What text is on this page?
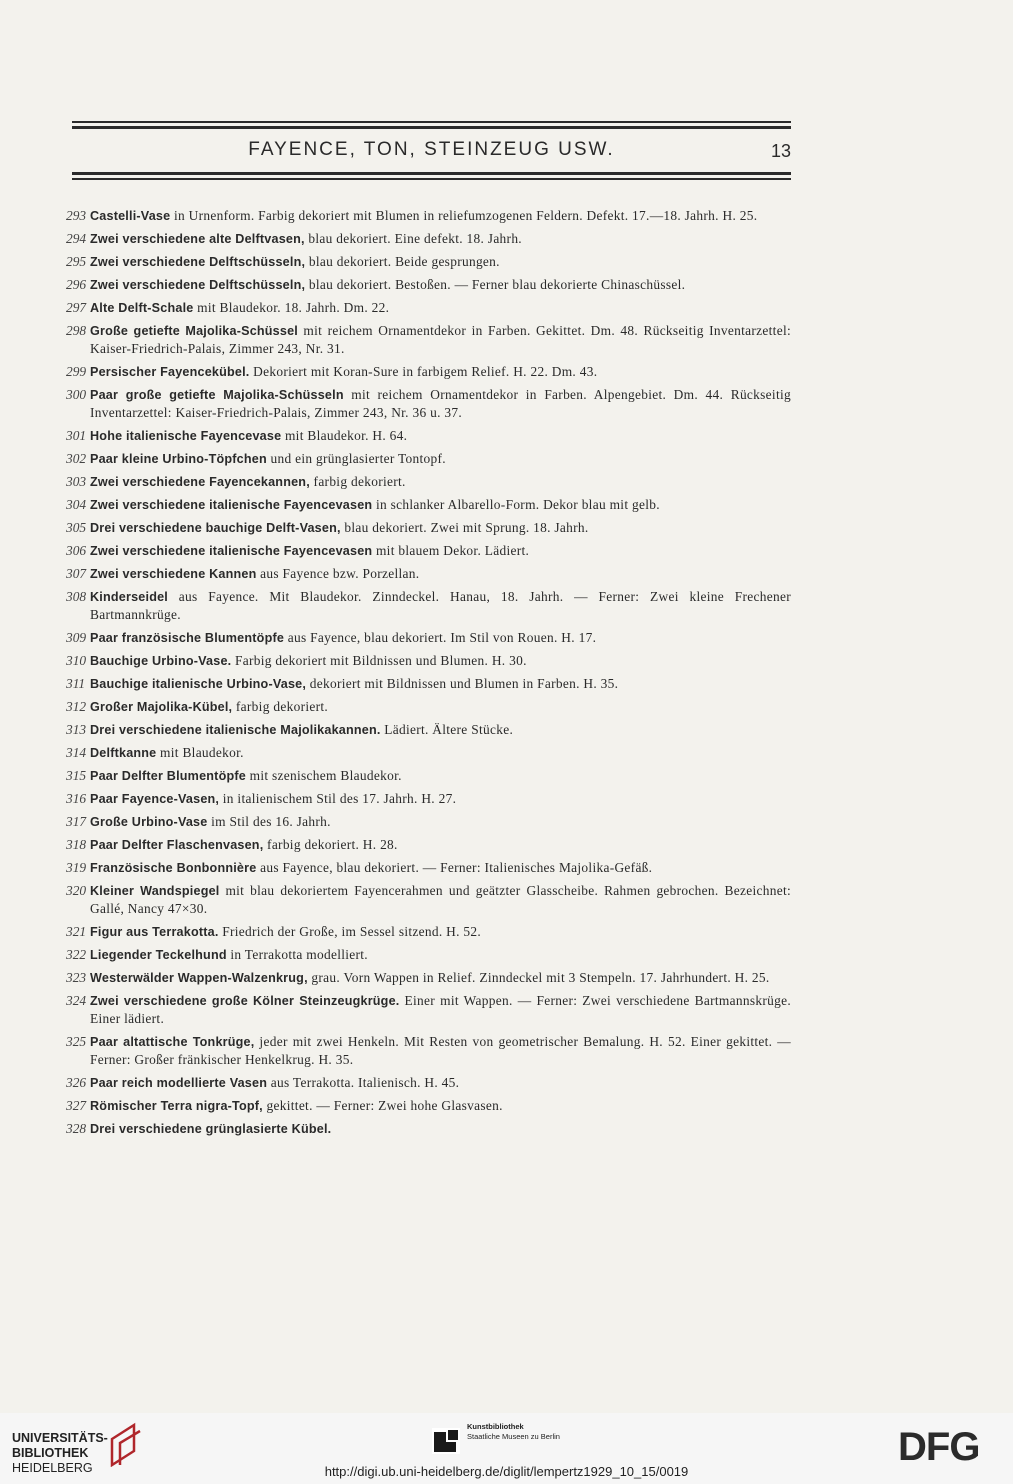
FAYENCE, TON, STEINZEUG USW.	13
293 Castelli-Vase in Urnenform. Farbig dekoriert mit Blumen in reliefumzogenen Feldern. Defekt. 17.—18. Jahrh. H. 25.
294 Zwei verschiedene alte Delftvasen, blau dekoriert. Eine defekt. 18. Jahrh.
295 Zwei verschiedene Delftschüsseln, blau dekoriert. Beide gesprungen.
296 Zwei verschiedene Delftschüsseln, blau dekoriert. Bestoßen. — Ferner blau dekorierte Chinaschüssel.
297 Alte Delft-Schale mit Blaudekor. 18. Jahrh. Dm. 22.
298 Große getiefte Majolika-Schüssel mit reichem Ornamentdekor in Farben. Gekittet. Dm. 48. Rückseitig Inventarzettel: Kaiser-Friedrich-Palais, Zimmer 243, Nr. 31.
299 Persischer Fayencekübel. Dekoriert mit Koran-Sure in farbigem Relief. H. 22. Dm. 43.
300 Paar große getiefte Majolika-Schüsseln mit reichem Ornamentdekor in Farben. Alpengebiet. Dm. 44. Rückseitig Inventarzettel: Kaiser-Friedrich-Palais, Zimmer 243, Nr. 36 u. 37.
301 Hohe italienische Fayencevase mit Blaudekor. H. 64.
302 Paar kleine Urbino-Töpfchen und ein grünglasierter Tontopf.
303 Zwei verschiedene Fayencekannen, farbig dekoriert.
304 Zwei verschiedene italienische Fayencevasen in schlanker Albarello-Form. Dekor blau mit gelb.
305 Drei verschiedene bauchige Delft-Vasen, blau dekoriert. Zwei mit Sprung. 18. Jahrh.
306 Zwei verschiedene italienische Fayencevasen mit blauem Dekor. Lädiert.
307 Zwei verschiedene Kannen aus Fayence bzw. Porzellan.
308 Kinderseidel aus Fayence. Mit Blaudekor. Zinndeckel. Hanau, 18. Jahrh. — Ferner: Zwei kleine Frechener Bartmannkrüge.
309 Paar französische Blumentöpfe aus Fayence, blau dekoriert. Im Stil von Rouen. H. 17.
310 Bauchige Urbino-Vase. Farbig dekoriert mit Bildnissen und Blumen. H. 30.
311 Bauchige italienische Urbino-Vase, dekoriert mit Bildnissen und Blumen in Farben. H. 35.
312 Großer Majolika-Kübel, farbig dekoriert.
313 Drei verschiedene italienische Majolikakannen. Lädiert. Ältere Stücke.
314 Delftkanne mit Blaudekor.
315 Paar Delfter Blumentöpfe mit szenischem Blaudekor.
316 Paar Fayence-Vasen, in italienischem Stil des 17. Jahrh. H. 27.
317 Große Urbino-Vase im Stil des 16. Jahrh.
318 Paar Delfter Flaschenvasen, farbig dekoriert. H. 28.
319 Französische Bonbonnière aus Fayence, blau dekoriert. — Ferner: Italienisches Majolika-Gefäß.
320 Kleiner Wandspiegel mit blau dekoriertem Fayencerahmen und geätzter Glasscheibe. Rahmen gebrochen. Bezeichnet: Gallé, Nancy 47×30.
321 Figur aus Terrakotta. Friedrich der Große, im Sessel sitzend. H. 52.
322 Liegender Teckelhund in Terrakotta modelliert.
323 Westerwälder Wappen-Walzenkrug, grau. Vorn Wappen in Relief. Zinndeckel mit 3 Stempeln. 17. Jahrhundert. H. 25.
324 Zwei verschiedene große Kölner Steinzeugkrüge. Einer mit Wappen. — Ferner: Zwei verschiedene Bartmannskrüge. Einer lädiert.
325 Paar altattische Tonkrüge, jeder mit zwei Henkeln. Mit Resten von geometrischer Bemalung. H. 52. Einer gekittet. — Ferner: Großer fränkischer Henkelkrug. H. 35.
326 Paar reich modellierte Vasen aus Terrakotta. Italienisch. H. 45.
327 Römischer Terra nigra-Topf, gekittet. — Ferner: Zwei hohe Glasvasen.
328 Drei verschiedene grünglasierte Kübel.
UNIVERSITÄTS-
BIBLIOTHEK
HEIDELBERG
Kunstbibliothek
Staatliche Museen zu Berlin	DFG
http://digi.ub.uni-heidelberg.de/diglit/lempertz1929_10_15/0019
